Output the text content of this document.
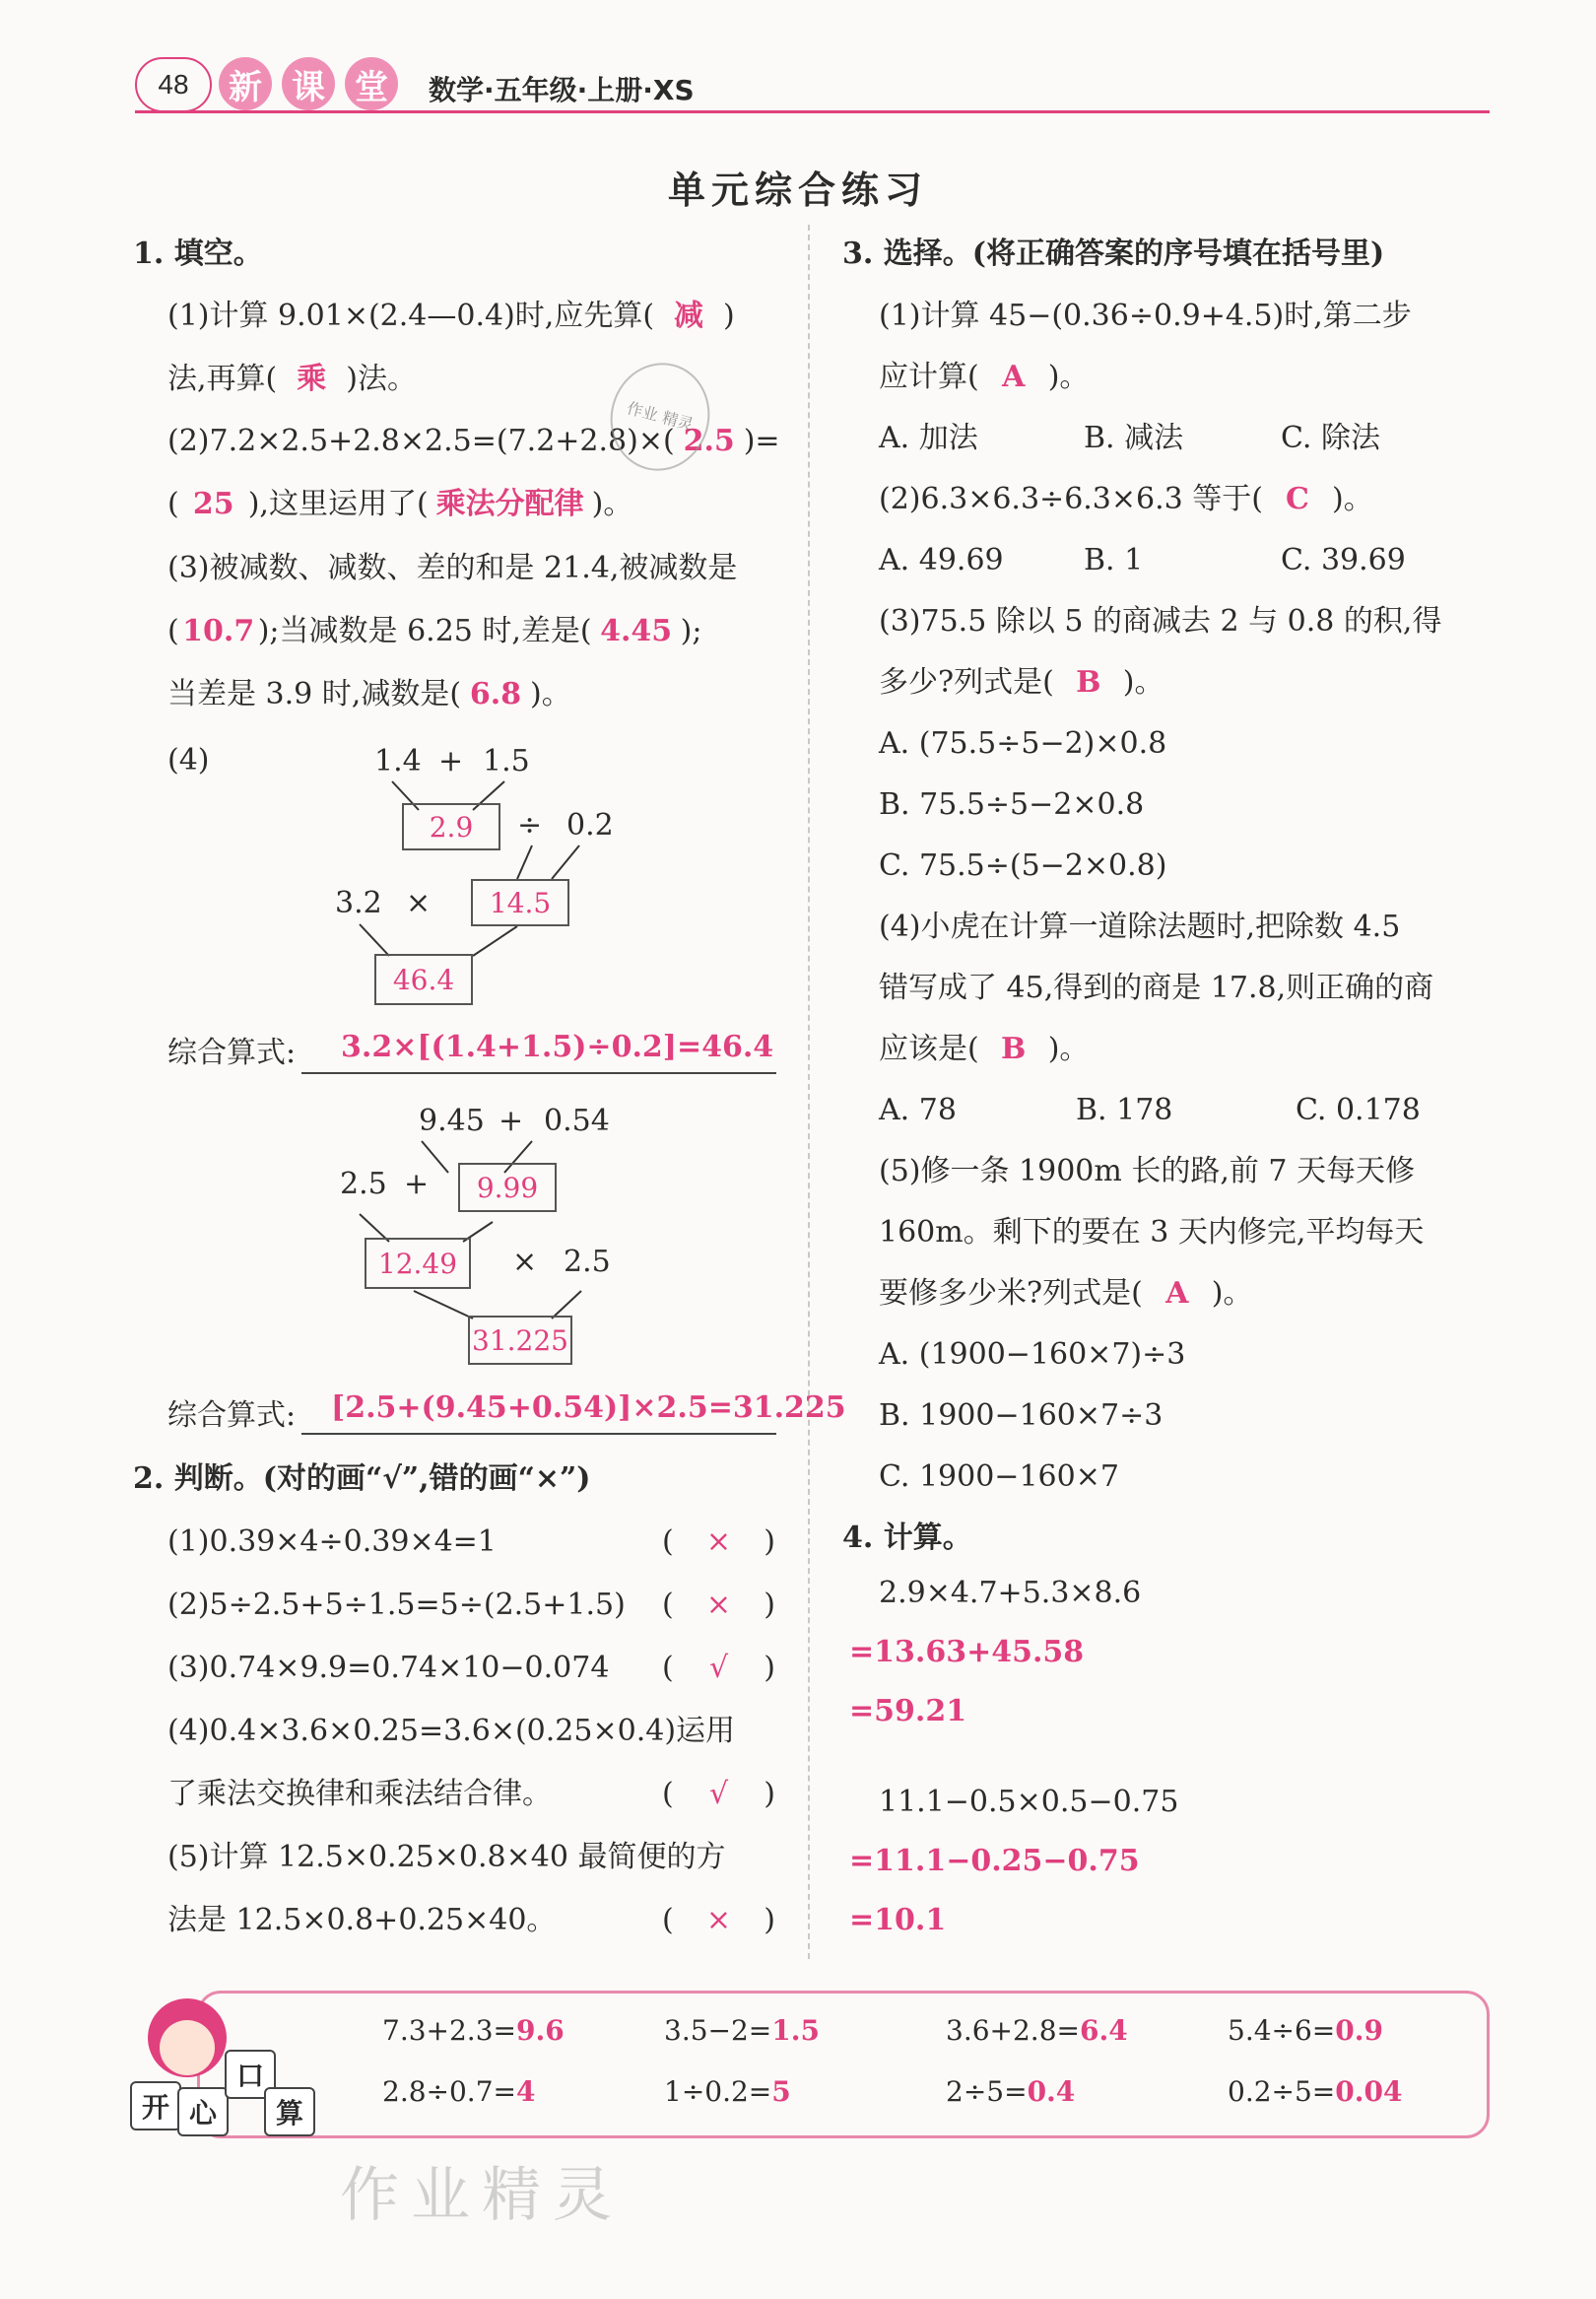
48	新 课 堂	数学·五年级·上册·XS
单元综合练习
1. 填空。
(1)计算 9.01×(2.4—0.4)时,应先算( 减 )
法,再算( 乘 )法。
(2)7.2×2.5+2.8×2.5=(7.2+2.8)×( 2.5 )=
( 25 ),这里运用了( 乘法分配律 )。
(3)被减数、减数、差的和是 21.4,被减数是
( 10.7 );当减数是 6.25 时,差是( 4.45 );
当差是 3.9 时,减数是( 6.8 )。
(4)	1.4 + 1.5
2.9	÷ 0.2
3.2 ×	14.5
46.4
综合算式:	3.2×[(1.4+1.5)÷0.2]=46.4
9.45 + 0.54
2.5 +	9.99
12.49	× 2.5
31.225
综合算式:	[2.5+(9.45+0.54)]×2.5=31.225
2. 判断。(对的画“√”,错的画“×”)
(1)0.39×4÷0.39×4=1	( × )
(2)5÷2.5+5÷1.5=5÷(2.5+1.5) ( × )
(3)0.74×9.9=0.74×10−0.074 ( √ )
(4)0.4×3.6×0.25=3.6×(0.25×0.4)运用
了乘法交换律和乘法结合律。	( √ )
(5)计算 12.5×0.25×0.8×40 最简便的方
法是 12.5×0.8+0.25×40。	( × )
3. 选择。(将正确答案的序号填在括号里)
(1)计算 45−(0.36÷0.9+4.5)时,第二步
应计算( A )。
A. 加法	B. 减法	C. 除法
(2)6.3×6.3÷6.3×6.3 等于( C )。
A. 49.69	B. 1	C. 39.69
(3)75.5 除以 5 的商减去 2 与 0.8 的积,得
多少?列式是( B )。
A. (75.5÷5−2)×0.8
B. 75.5÷5−2×0.8
C. 75.5÷(5−2×0.8)
(4)小虎在计算一道除法题时,把除数 4.5
错写成了 45,得到的商是 17.8,则正确的商
应该是( B )。
A. 78	B. 178	C. 0.178
(5)修一条 1900m 长的路,前 7 天每天修
160m。剩下的要在 3 天内修完,平均每天
要修多少米?列式是( A )。
A. (1900−160×7)÷3
B. 1900−160×7÷3
C. 1900−160×7
4. 计算。
2.9×4.7+5.3×8.6
=13.63+45.58
=59.21
11.1−0.5×0.5−0.75
=11.1−0.25−0.75
=10.1
作业 精灵
开 心
口
算
7.3+2.3=9.6	3.5−2=1.5	3.6+2.8=6.4	5.4÷6=0.9
2.8÷0.7=4	1÷0.2=5	2÷5=0.4	0.2÷5=0.04
作业精灵
